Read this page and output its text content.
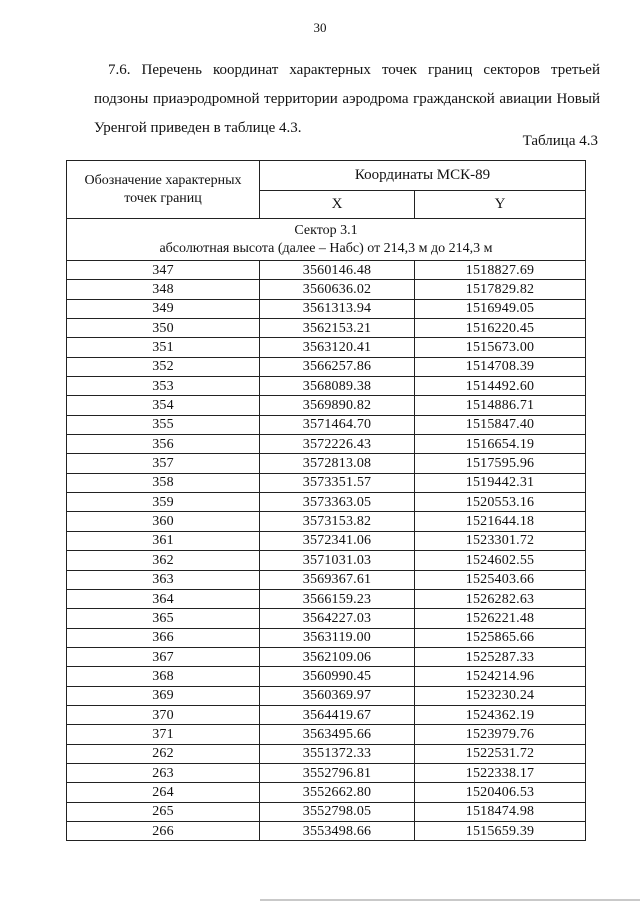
30

7.6. Перечень координат характерных точек границ секторов третьей подзоны приаэродромной территории аэродрома гражданской авиации Новый Уренгой приведен в таблице 4.3.

Таблица 4.3
Обозначение характерных точек границ	Координаты МСК-89	
	X	Y

Сектор 3.1
абсолютная высота (далее – Набс) от 214,3 м до 214,3 м		

347	3560146.48	1518827.69
348	3560636.02	1517829.82
349	3561313.94	1516949.05
350	3562153.21	1516220.45
351	3563120.41	1515673.00
352	3566257.86	1514708.39
353	3568089.38	1514492.60
354	3569890.82	1514886.71
355	3571464.70	1515847.40
356	3572226.43	1516654.19
357	3572813.08	1517595.96
358	3573351.57	1519442.31
359	3573363.05	1520553.16
360	3573153.82	1521644.18
361	3572341.06	1523301.72
362	3571031.03	1524602.55
363	3569367.61	1525403.66
364	3566159.23	1526282.63
365	3564227.03	1526221.48
366	3563119.00	1525865.66
367	3562109.06	1525287.33
368	3560990.45	1524214.96
369	3560369.97	1523230.24
370	3564419.67	1524362.19
371	3563495.66	1523979.76
262	3551372.33	1522531.72
263	3552796.81	1522338.17
264	3552662.80	1520406.53
265	3552798.05	1518474.98
266	3553498.66	1515659.39
